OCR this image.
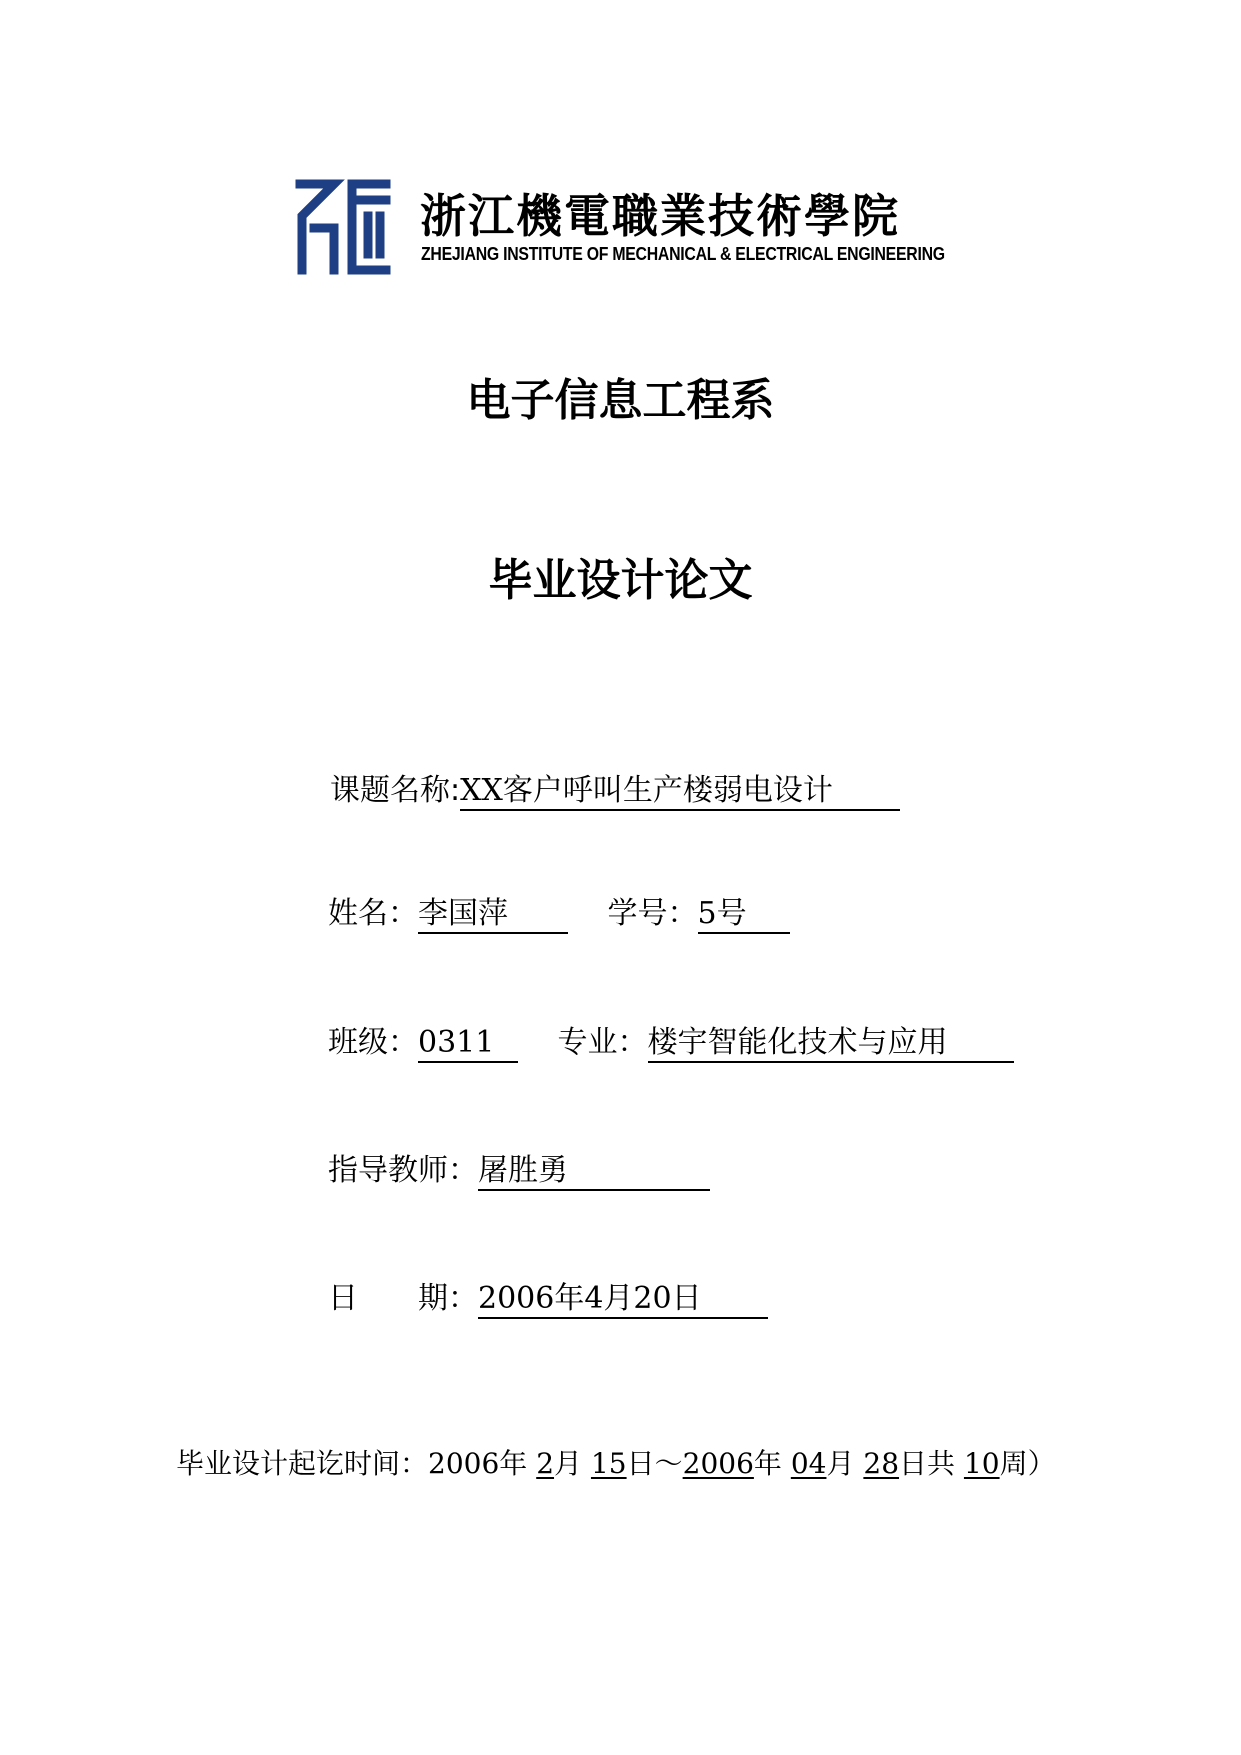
浙江機電職業技術學院
ZHEJIANG INSTITUTE OF MECHANICAL & ELECTRICAL ENGINEERING
电子信息工程系
毕业设计论文
课题名称:XX客户呼叫生产楼弱电设计
姓名：李国萍	学号：5号
班级：0311 专业：楼宇智能化技术与应用
指导教师：屠胜勇
日　　期：2006年4月20日
毕业设计起讫时间：2006年 2月 15日～2006年 04月 28日共 10周）
